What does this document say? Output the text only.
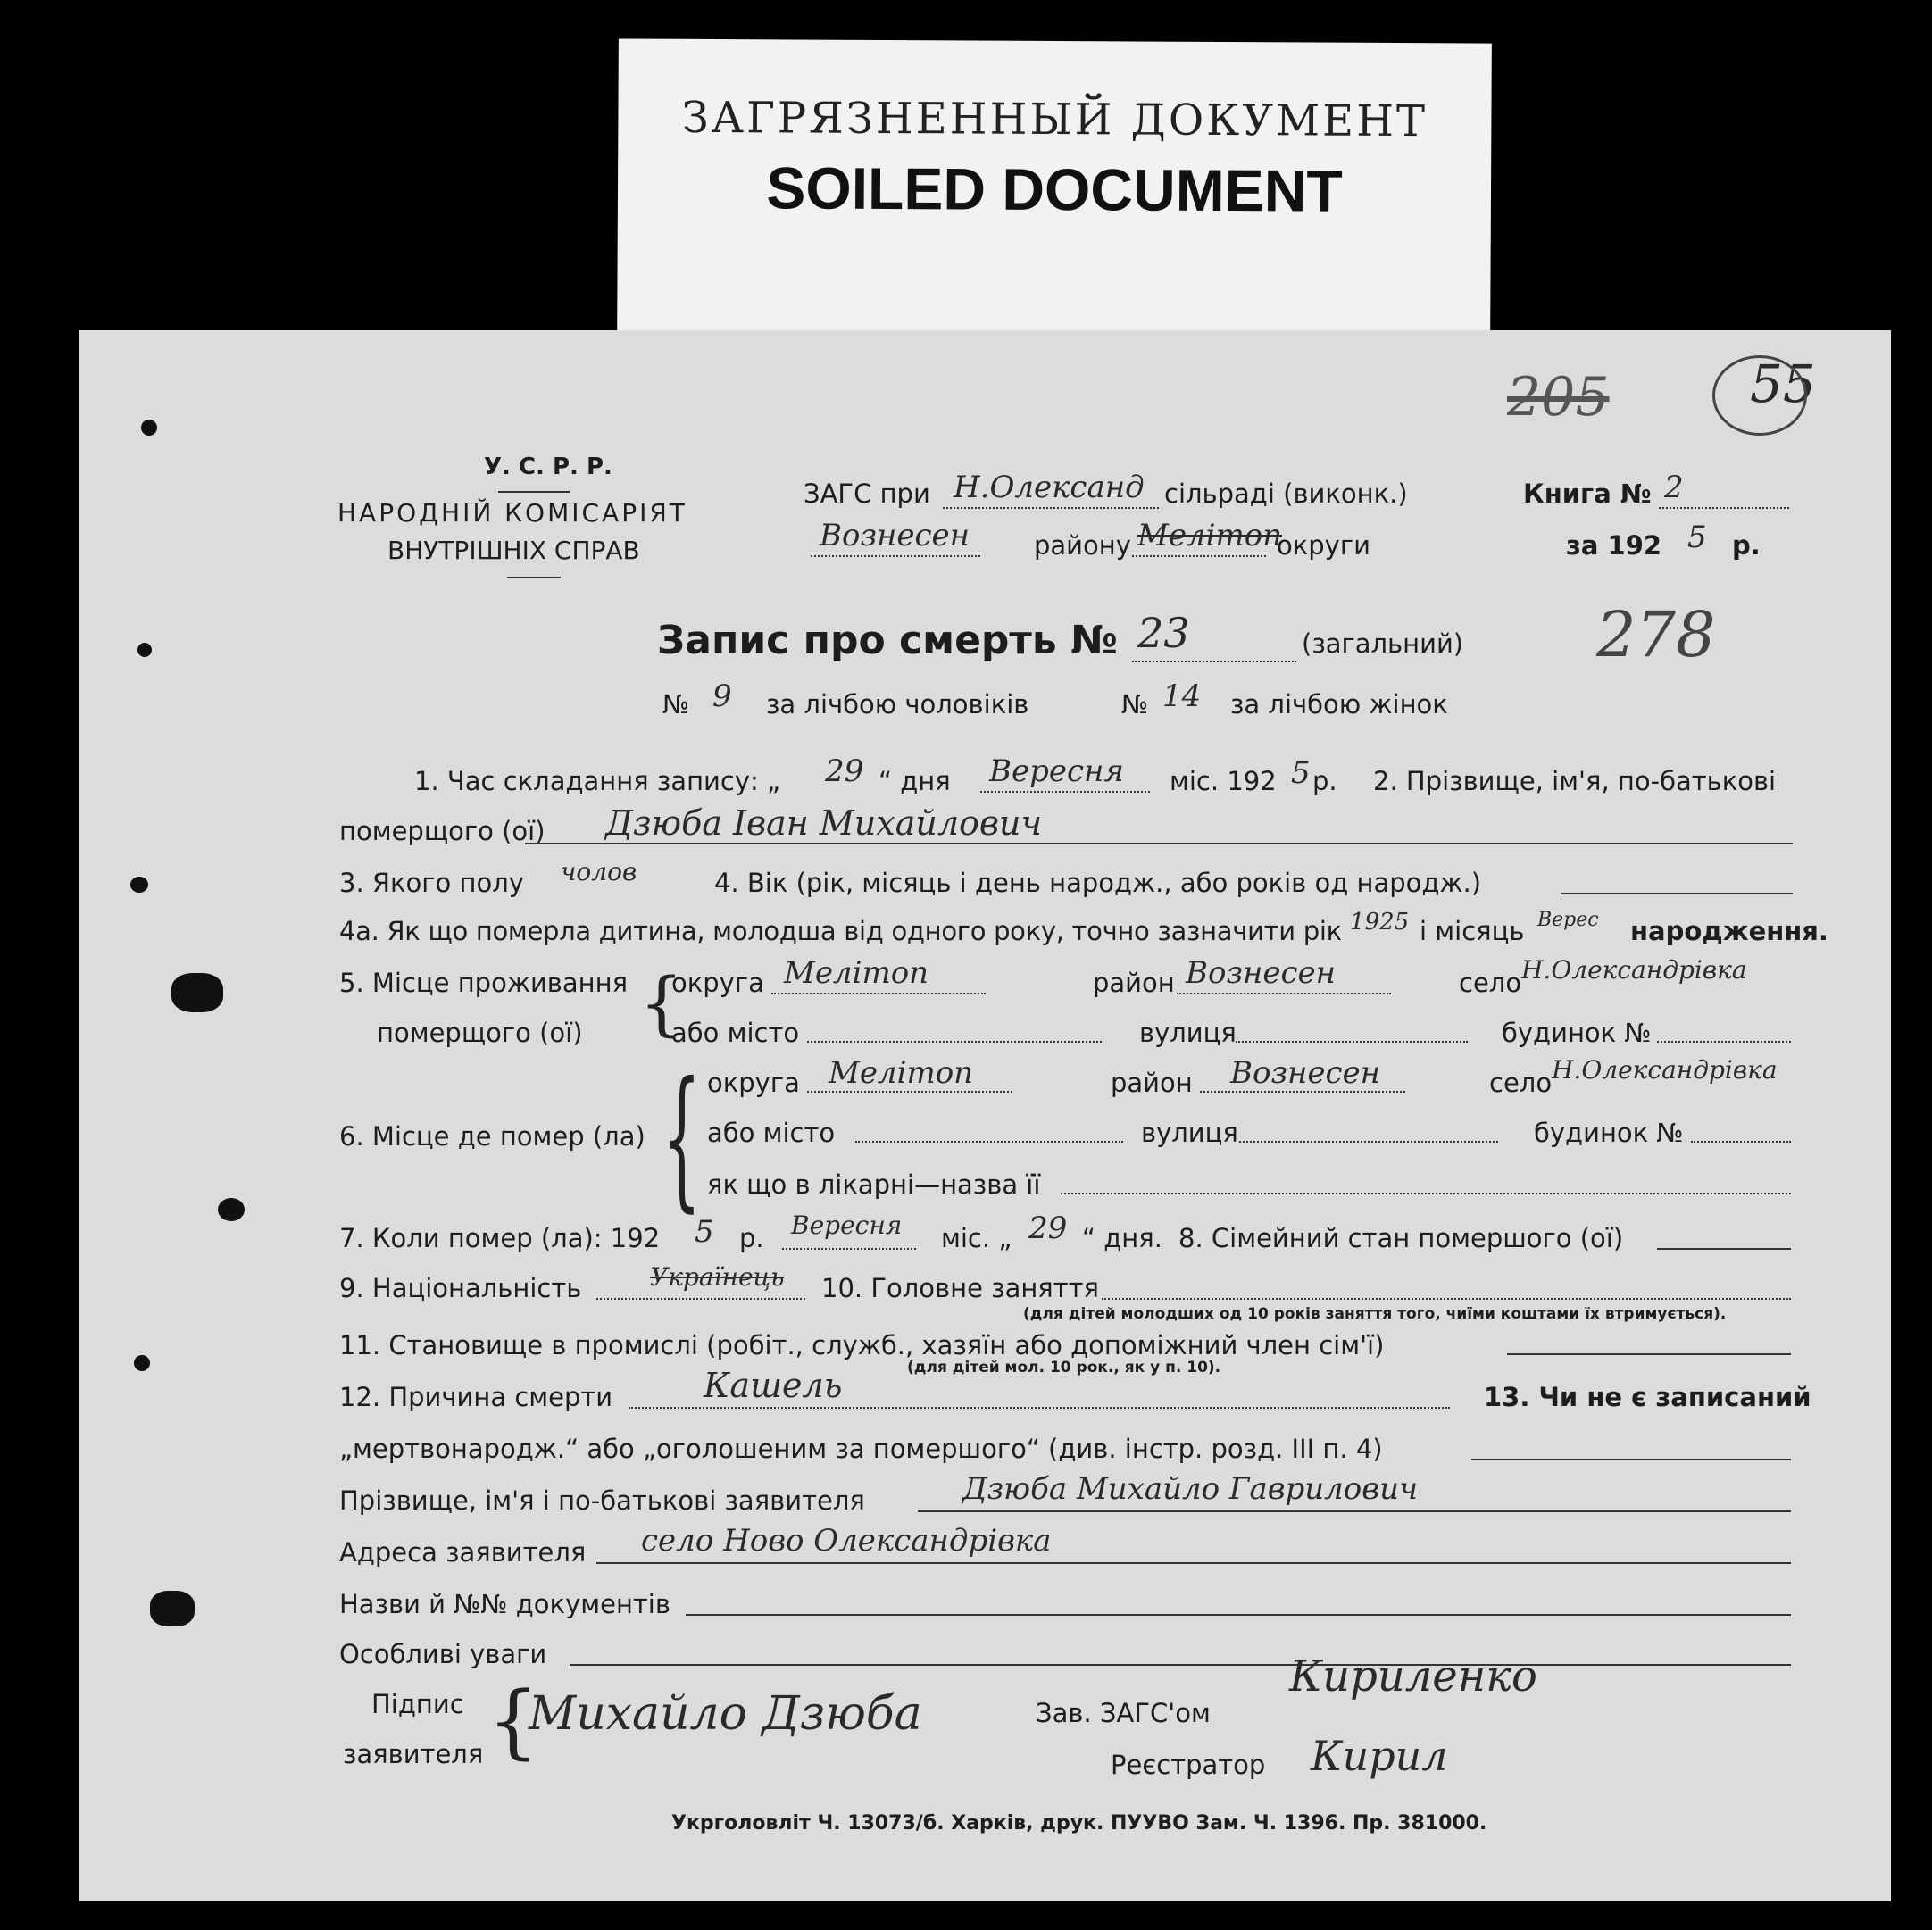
ЗАГРЯЗНЕННЫЙ ДОКУМЕНТ
SOILED DOCUMENT
205	55
278
У. С. Р. Р.
НАРОДНІЙ КОМІСАРІЯТ
ВНУТРІШНІХ СПРАВ
ЗАГС при Н.Олександ сільраді (виконк.)
Вознесен району Мелітоп
округи
Книга № 2
за 192 5 р.
Запис про смерть № 23	(загальний)
№ 9 за лічбою чоловіків	№ 14 за лічбою жінок
1. Час складання запису: „ 29 “ дня Вересня міс. 192 5 р. 2. Прізвище, ім'я, по-батькові
померщого (ої) Дзюба Іван Михайлович
3. Якого полу чолов	4. Вік (рік, місяць і день народж., або років од народж.)
4а. Як що померла дитина, молодша від одного року, точно зазначити рік 1925 і місяць Верес народження.
5. Місце проживання
померщого (ої) {
округа Мелітоп	район Вознесен	село Н.Олександрівка
або місто	вулиця	будинок №
6. Місце де помер (ла) { округа Мелітоп	район Вознесен	село Н.Олександрівка
або місто	вулиця	будинок №
як що в лікарні—назва її
7. Коли помер (ла): 192 5 р. Вересня міс. „ 29 “ дня. 8. Сімейний стан помершого (ої)
9. Національність	Українець 10. Головне заняття
(для дітей молодших од 10 років заняття того, чиїми коштами їх втримується).
11. Становище в промислі (робіт., служб., хазяїн або допоміжний член сім'ї)
12. Причина смерти	Кашель	(для дітей мол. 10 рок., як у п. 10).
13. Чи не є записаний
„мертвонародж.“ або „оголошеним за помершого“ (див. інстр. розд. III п. 4)
Прізвище, ім'я і по-батькові заявителя	Дзюба Михайло Гаврилович
Адреса заявителя село Ново Олександрівка
Назви й №№ документів
Особливі уваги
Підпис
заявителя {
Михайло Дзюба	Зав. ЗАГС'ом
Кириленко
Реєстратор Кирил
Укрголовліт Ч. 13073/б. Харків, друк. ПУУВО Зам. Ч. 1396. Пр. 381000.
